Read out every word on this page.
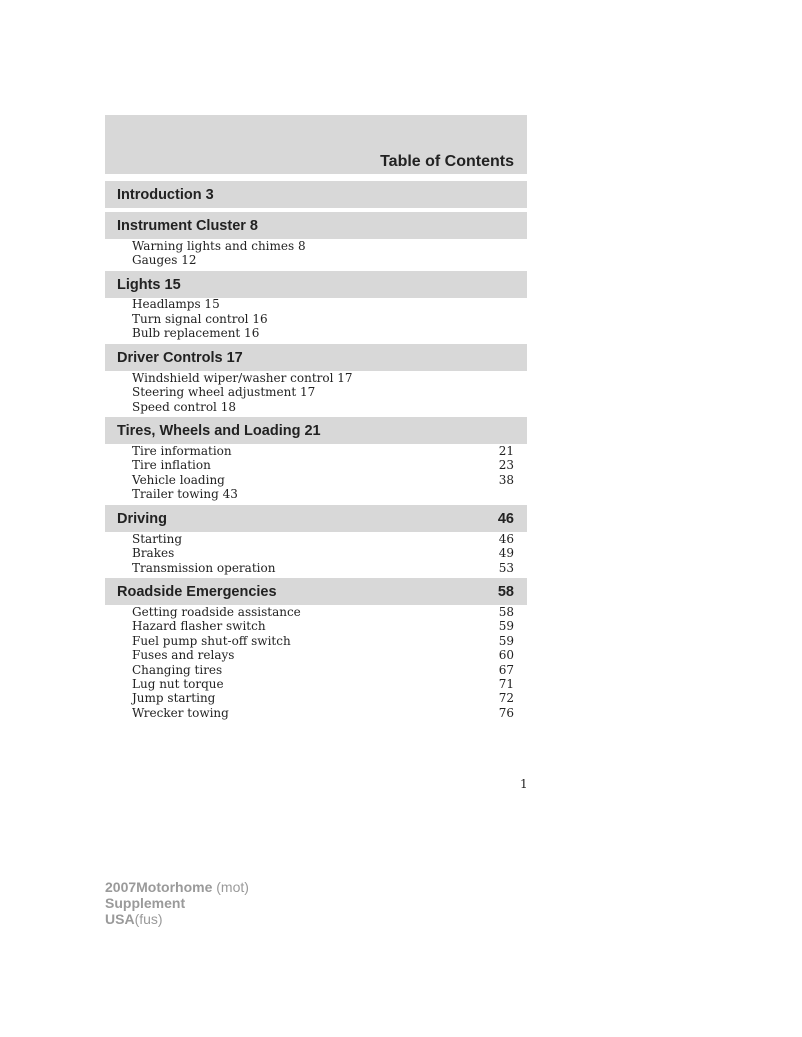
Table of Contents
Introduction 3
Instrument Cluster 8
Warning lights and chimes 8
Gauges 12
Lights 15
Headlamps 15
Turn signal control 16
Bulb replacement 16
Driver Controls 17
Windshield wiper/washer control 17
Steering wheel adjustment 17
Speed control 18
Tires, Wheels and Loading 21
Tire information	21
Tire inflation	23
Vehicle loading	38
Trailer towing 43
Driving	46
Starting	46
Brakes	49
Transmission operation	53
Roadside Emergencies	58
Getting roadside assistance	58
Hazard flasher switch	59
Fuel pump shut-off switch	59
Fuses and relays	60
Changing tires	67
Lug nut torque	71
Jump starting	72
Wrecker towing	76
1
2007Motorhome (mot)
Supplement
USA(fus)
